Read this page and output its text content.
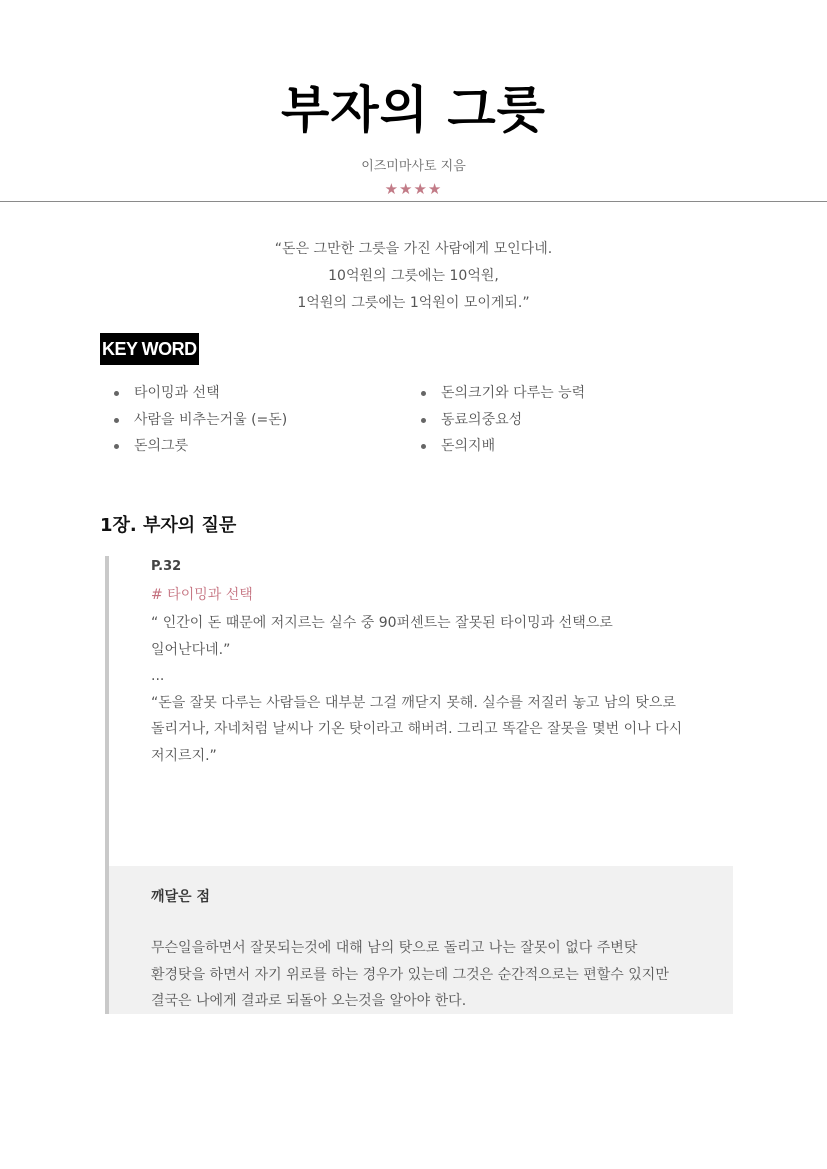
부자의 그릇
이즈미마사토 지음
★★★★
“돈은 그만한 그릇을 가진 사람에게 모인다네.
10억원의 그릇에는 10억원,
1억원의 그릇에는 1억원이 모이게되.”
KEY WORD
타이밍과 선택
사람을 비추는거울 (=돈)
돈의그릇
돈의크기와 다루는 능력
동료의중요성
돈의지배
1장. 부자의 질문
P.32
# 타이밍과 선택
“ 인간이 돈 때문에 저지르는 실수 중 90퍼센트는 잘못된 타이밍과 선택으로
일어난다네.”
...
“돈을 잘못 다루는 사람들은 대부분 그걸 깨닫지 못해. 실수를 저질러 놓고 남의 탓으로
돌리거나, 자네처럼 날씨나 기온 탓이라고 해버려. 그리고 똑같은 잘못을 몇번 이나 다시
저지르지.”
깨달은 점
무슨일을하면서 잘못되는것에 대해 남의 탓으로 돌리고 나는 잘못이 없다 주변탓
환경탓을 하면서 자기 위로를 하는 경우가 있는데 그것은 순간적으로는 편할수 있지만
결국은 나에게 결과로 되돌아 오는것을 알아야 한다.
